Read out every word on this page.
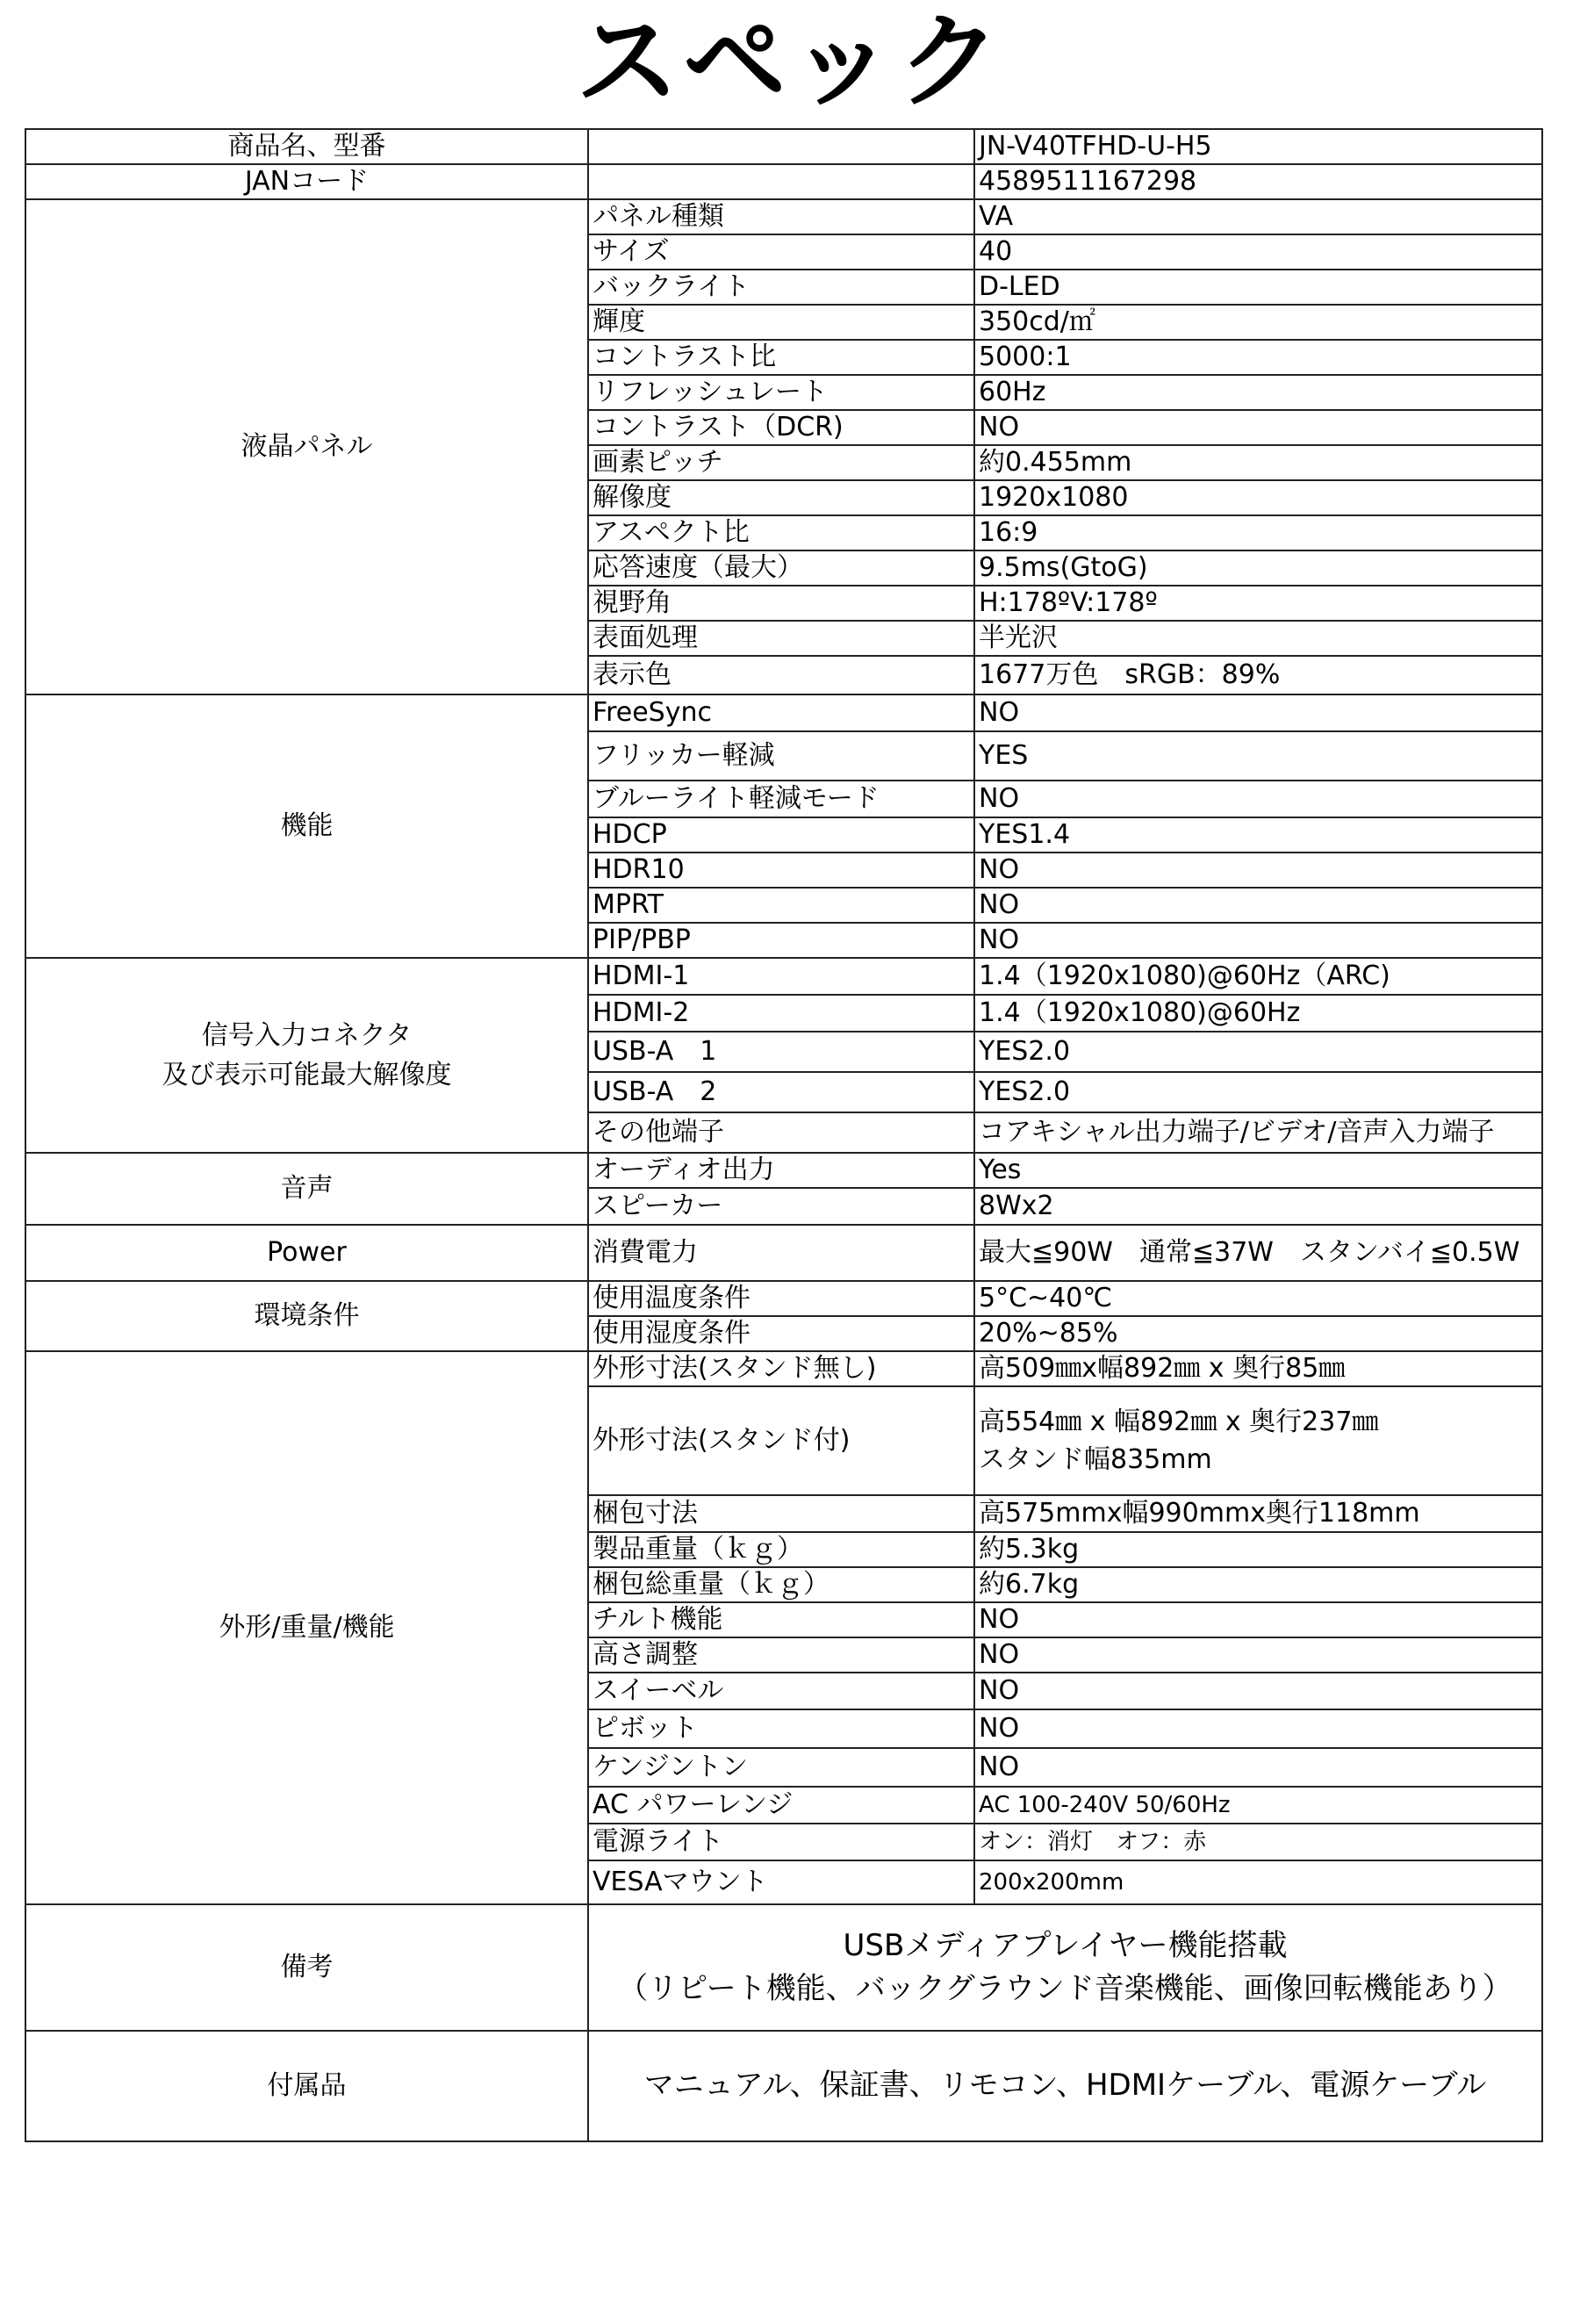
スペック
商品名、型番		JN-V40TFHD-U-H5
JANコード		4589511167298
液晶パネル	パネル種類	VA
	サイズ	40
	バックライト	D-LED
	輝度	350cd/㎡
	コントラスト比	5000:1
	リフレッシュレート	60Hz
	コントラスト（DCR)	NO
	画素ピッチ	約0.455mm
	解像度	1920x1080
	アスペクト比	16:9
	応答速度（最大）	9.5ms(GtoG)
	視野角	H:178ºV:178º
	表面処理	半光沢
	表示色	1677万色　sRGB：89%
機能	FreeSync	NO
	フリッカー軽減	YES
	ブルーライト軽減モード	NO
	HDCP	YES1.4
	HDR10	NO
	MPRT	NO
	PIP/PBP	NO

信号入力コネクタ
及び表示可能最大解像度	HDMI-1	1.4（1920x1080)@60Hz（ARC)
	HDMI-2	1.4（1920x1080)@60Hz
	USB-A　1	YES2.0
	USB-A　2	YES2.0
	その他端子	コアキシャル出力端子/ビデオ/音声入力端子
音声	オーディオ出力	Yes
	スピーカー	8Wx2
Power	消費電力	最大≦90W　通常≦37W　スタンバイ≦0.5W
環境条件	使用温度条件	5°C~40℃
	使用湿度条件	20%~85%
外形/重量/機能	外形寸法(スタンド無し)	高509㎜x幅892㎜ x 奥行85㎜
	外形寸法(スタンド付)	高554㎜ x 幅892㎜ x 奥行237㎜
スタンド幅835mm

	梱包寸法	高575mmx幅990mmx奥行118mm
	製品重量（ｋｇ）	約5.3kg
	梱包総重量（ｋｇ）	約6.7kg
	チルト機能	NO
	高さ調整	NO
	スイーベル	NO
	ピボット	NO
	ケンジントン	NO
	AC パワーレンジ	AC 100-240V 50/60Hz
	電源ライト	オン：消灯　オフ：赤
	VESAマウント	200x200mm
備考	USBメディアプレイヤー機能搭載
（リピート機能、バックグラウンド音楽機能、画像回転機能あり）	

付属品	マニュアル、保証書、リモコン、HDMIケーブル、電源ケーブル	
